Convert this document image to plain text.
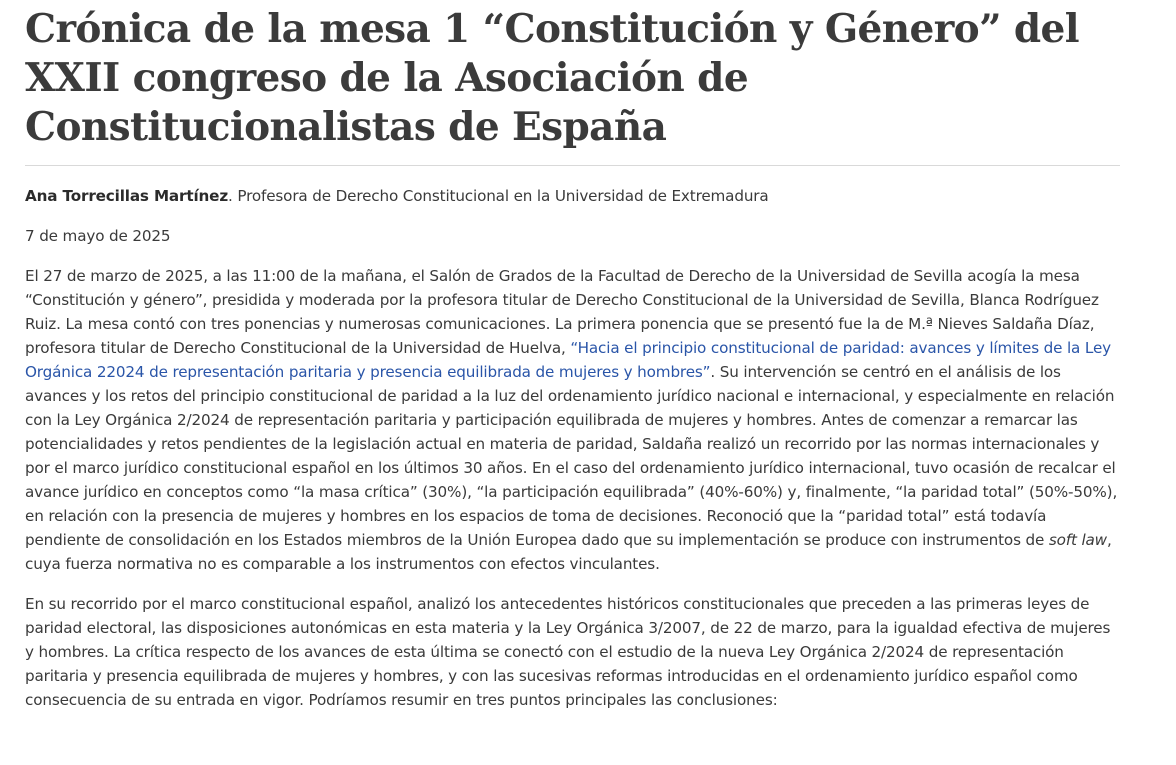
Crónica de la mesa 1 “Constitución y Género” del XXII congreso de la Asociación de Constitucionalistas de España

Ana Torrecillas Martínez. Profesora de Derecho Constitucional en la Universidad de Extremadura

7 de mayo de 2025

El 27 de marzo de 2025, a las 11:00 de la mañana, el Salón de Grados de la Facultad de Derecho de la Universidad de Sevilla acogía la mesa “Constitución y género”, presidida y moderada por la profesora titular de Derecho Constitucional de la Universidad de Sevilla, Blanca Rodríguez Ruiz. La mesa contó con tres ponencias y numerosas comunicaciones. La primera ponencia que se presentó fue la de M.ª Nieves Saldaña Díaz, profesora titular de Derecho Constitucional de la Universidad de Huelva, “Hacia el principio constitucional de paridad: avances y límites de la Ley Orgánica 22024 de representación paritaria y presencia equilibrada de mujeres y hombres”. Su intervención se centró en el análisis de los avances y los retos del principio constitucional de paridad a la luz del ordenamiento jurídico nacional e internacional, y especialmente en relación con la Ley Orgánica 2/2024 de representación paritaria y participación equilibrada de mujeres y hombres. Antes de comenzar a remarcar las potencialidades y retos pendientes de la legislación actual en materia de paridad, Saldaña realizó un recorrido por las normas internacionales y por el marco jurídico constitucional español en los últimos 30 años. En el caso del ordenamiento jurídico internacional, tuvo ocasión de recalcar el avance jurídico en conceptos como “la masa crítica” (30%), “la participación equilibrada” (40%-60%) y, finalmente, “la paridad total” (50%-50%), en relación con la presencia de mujeres y hombres en los espacios de toma de decisiones. Reconoció que la “paridad total” está todavía pendiente de consolidación en los Estados miembros de la Unión Europea dado que su implementación se produce con instrumentos de soft law, cuya fuerza normativa no es comparable a los instrumentos con efectos vinculantes.

En su recorrido por el marco constitucional español, analizó los antecedentes históricos constitucionales que preceden a las primeras leyes de paridad electoral, las disposiciones autonómicas en esta materia y la Ley Orgánica 3/2007, de 22 de marzo, para la igualdad efectiva de mujeres y hombres. La crítica respecto de los avances de esta última se conectó con el estudio de la nueva Ley Orgánica 2/2024 de representación paritaria y presencia equilibrada de mujeres y hombres, y con las sucesivas reformas introducidas en el ordenamiento jurídico español como consecuencia de su entrada en vigor. Podríamos resumir en tres puntos principales las conclusiones:
